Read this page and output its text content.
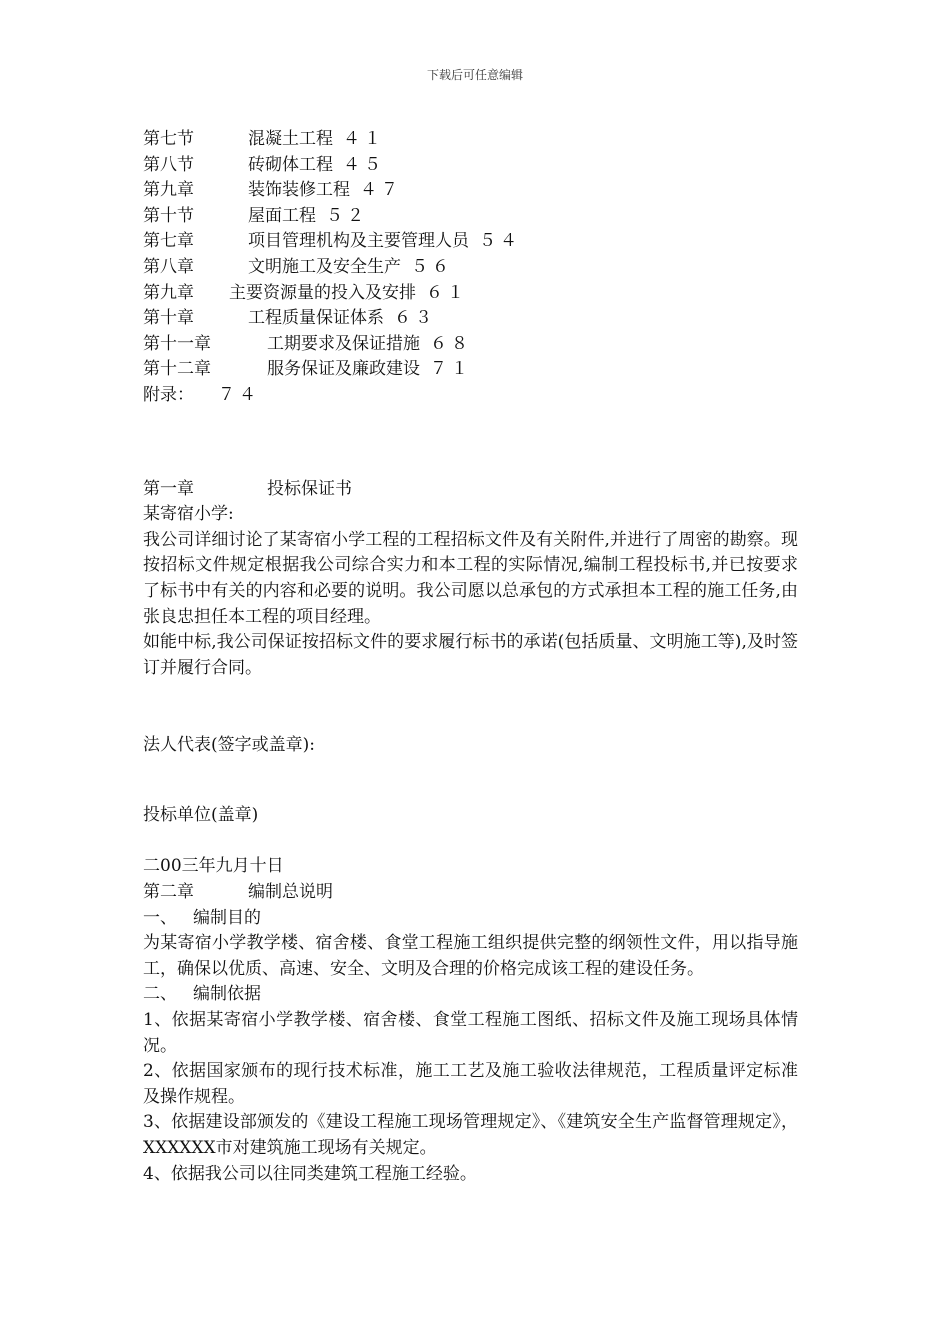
下载后可任意编辑
第七节	混凝土工程 ４１
第八节	砖砌体工程 ４５
第九章	装饰装修工程 ４７
第十节	屋面工程 ５２
第七章	项目管理机构及主要管理人员 ５４
第八章	文明施工及安全生产 ５６
第九章 主要资源量的投入及安排 ６１
第十章	工程质量保证体系 ６３
第十一章	工期要求及保证措施 ６８
第十二章	服务保证及廉政建设 ７１
附录： ７４
第一章	投标保证书

某寄宿小学:

我公司详细讨论了某寄宿小学工程的工程招标文件及有关附件,并进行了周密的勘察。现按招标文件规定根据我公司综合实力和本工程的实际情况,编制工程投标书,并已按要求了标书中有关的内容和必要的说明。我公司愿以总承包的方式承担本工程的施工任务,由张良忠担任本工程的项目经理。

如能中标,我公司保证按招标文件的要求履行标书的承诺(包括质量、文明施工等),及时签订并履行合同。

法人代表(签字或盖章):

投标单位(盖章)

二00三年九月十日

第二章	编制总说明
一、 编制目的

为某寄宿小学教学楼、宿舍楼、食堂工程施工组织提供完整的纲领性文件，用以指导施工，确保以优质、高速、安全、文明及合理的价格完成该工程的建设任务。

二、 编制依据

1、依据某寄宿小学教学楼、宿舍楼、食堂工程施工图纸、招标文件及施工现场具体情况。

2、依据国家颁布的现行技术标准，施工工艺及施工验收法律规范，工程质量评定标准及操作规程。

3、依据建设部颁发的《建设工程施工现场管理规定》、《建筑安全生产监督管理规定》，XXXXXX市对建筑施工现场有关规定。

4、依据我公司以往同类建筑工程施工经验。
